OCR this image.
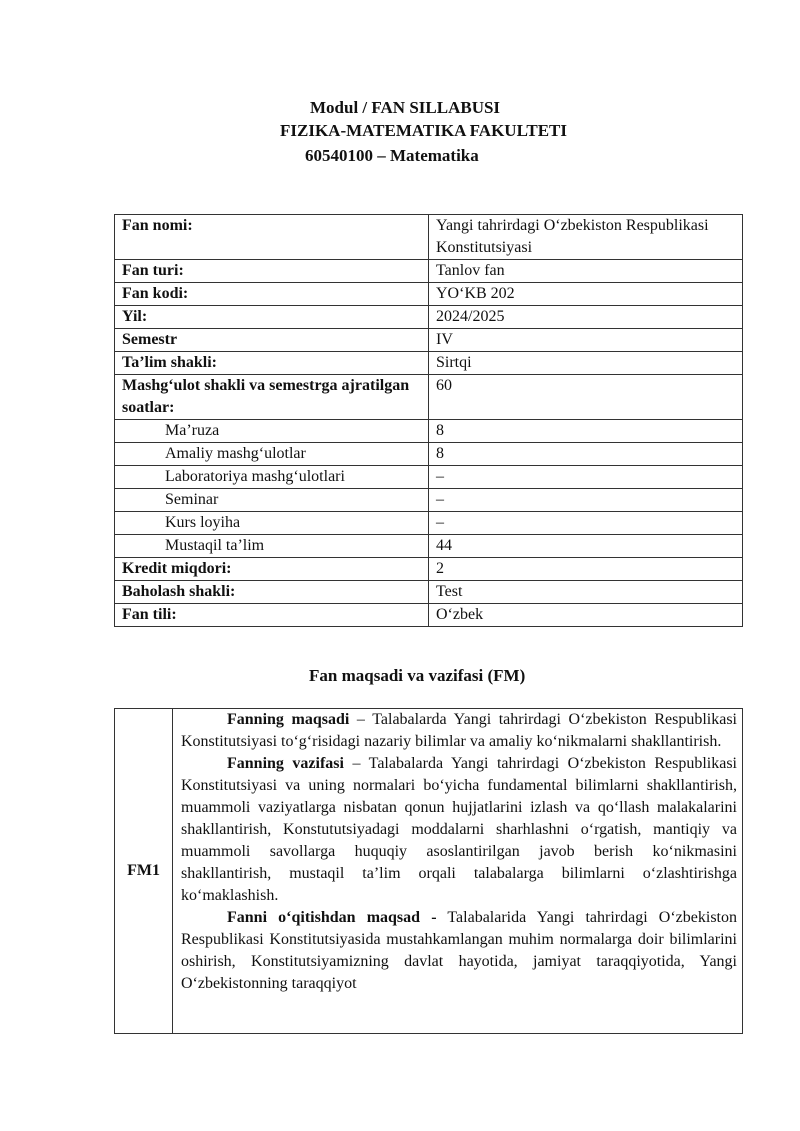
Modul / FAN SILLABUSI
FIZIKA-MATEMATIKA FAKULTETI
60540100 – Matematika
Fan nomi:	Yangi tahrirdagi O‘zbekiston Respublikasi Konstitutsiyasi
Fan turi:	Tanlov fan
Fan kodi:	YO‘KB 202
Yil:	2024/2025
Semestr	IV
Ta’lim shakli:	Sirtqi
Mashg‘ulot shakli va semestrga ajratilgan soatlar:	60
Ma’ruza	8
Amaliy mashg‘ulotlar	8
Laboratoriya mashg‘ulotlari	–
Seminar	–
Kurs loyiha	–
Mustaqil ta’lim	44
Kredit miqdori:	2
Baholash shakli:	Test
Fan tili:	O‘zbek
Fan maqsadi va vazifasi (FM)
FM1

Fanning maqsadi – Talabalarda Yangi tahrirdagi O‘zbekiston Respublikasi Konstitutsiyasi to‘g‘risidagi nazariy bilimlar va amaliy ko‘nikmalarni shakllantirish.

Fanning vazifasi – Talabalarda Yangi tahrirdagi O‘zbekiston Respublikasi Konstitutsiyasi va uning normalari bo‘yicha fundamental bilimlarni shakllantirish, muammoli vaziyatlarga nisbatan qonun hujjatlarini izlash va qo‘llash malakalarini shakllantirish, Konstututsiyadagi moddalarni sharhlashni o‘rgatish, mantiqiy va muammoli savollarga huquqiy asoslantirilgan javob berish ko‘nikmasini shakllantirish, mustaqil ta’lim orqali talabalarga bilimlarni o‘zlashtirishga ko‘maklashish.

Fanni o‘qitishdan maqsad - Talabalarida Yangi tahrirdagi O‘zbekiston Respublikasi Konstitutsiyasida mustahkamlangan muhim normalarga doir bilimlarini oshirish, Konstitutsiyamizning davlat hayotida, jamiyat taraqqiyotida, Yangi O‘zbekistonning taraqqiyot
